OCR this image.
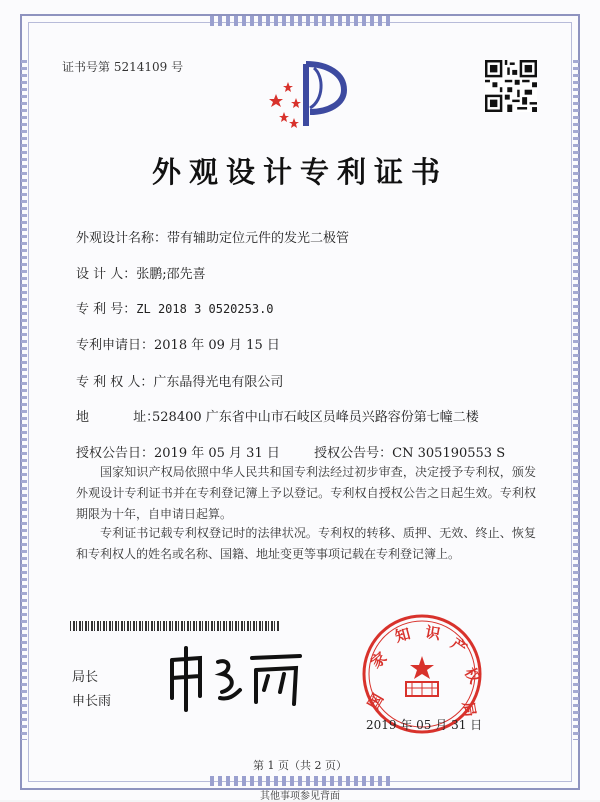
证书号第 5214109 号
外观设计专利证书
外观设计名称：带有辅助定位元件的发光二极管
设 计 人：张鹏;邵先喜
专 利 号：ZL 2018 3 0520253.0
专利申请日：2018 年 09 月 15 日
专 利 权 人：广东晶得光电有限公司
地 址：528400 广东省中山市石岐区员峰员兴路容份第七幢二楼
授权公告日：2019 年 05 月 31 日	授权公告号：CN 305190553 S
国家知识产权局依照中华人民共和国专利法经过初步审查，决定授予专利权，颁发外观设计专利证书并在专利登记簿上予以登记。专利权自授权公告之日起生效。专利权期限为十年，自申请日起算。
专利证书记载专利权登记时的法律状况。专利权的转移、质押、无效、终止、恢复和专利权人的姓名或名称、国籍、地址变更等事项记载在专利登记簿上。
局长
申长雨	国
家
知 识
产
权
局
2019 年 05 月 31 日
第 1 页（共 2 页）
其他事项参见背面
